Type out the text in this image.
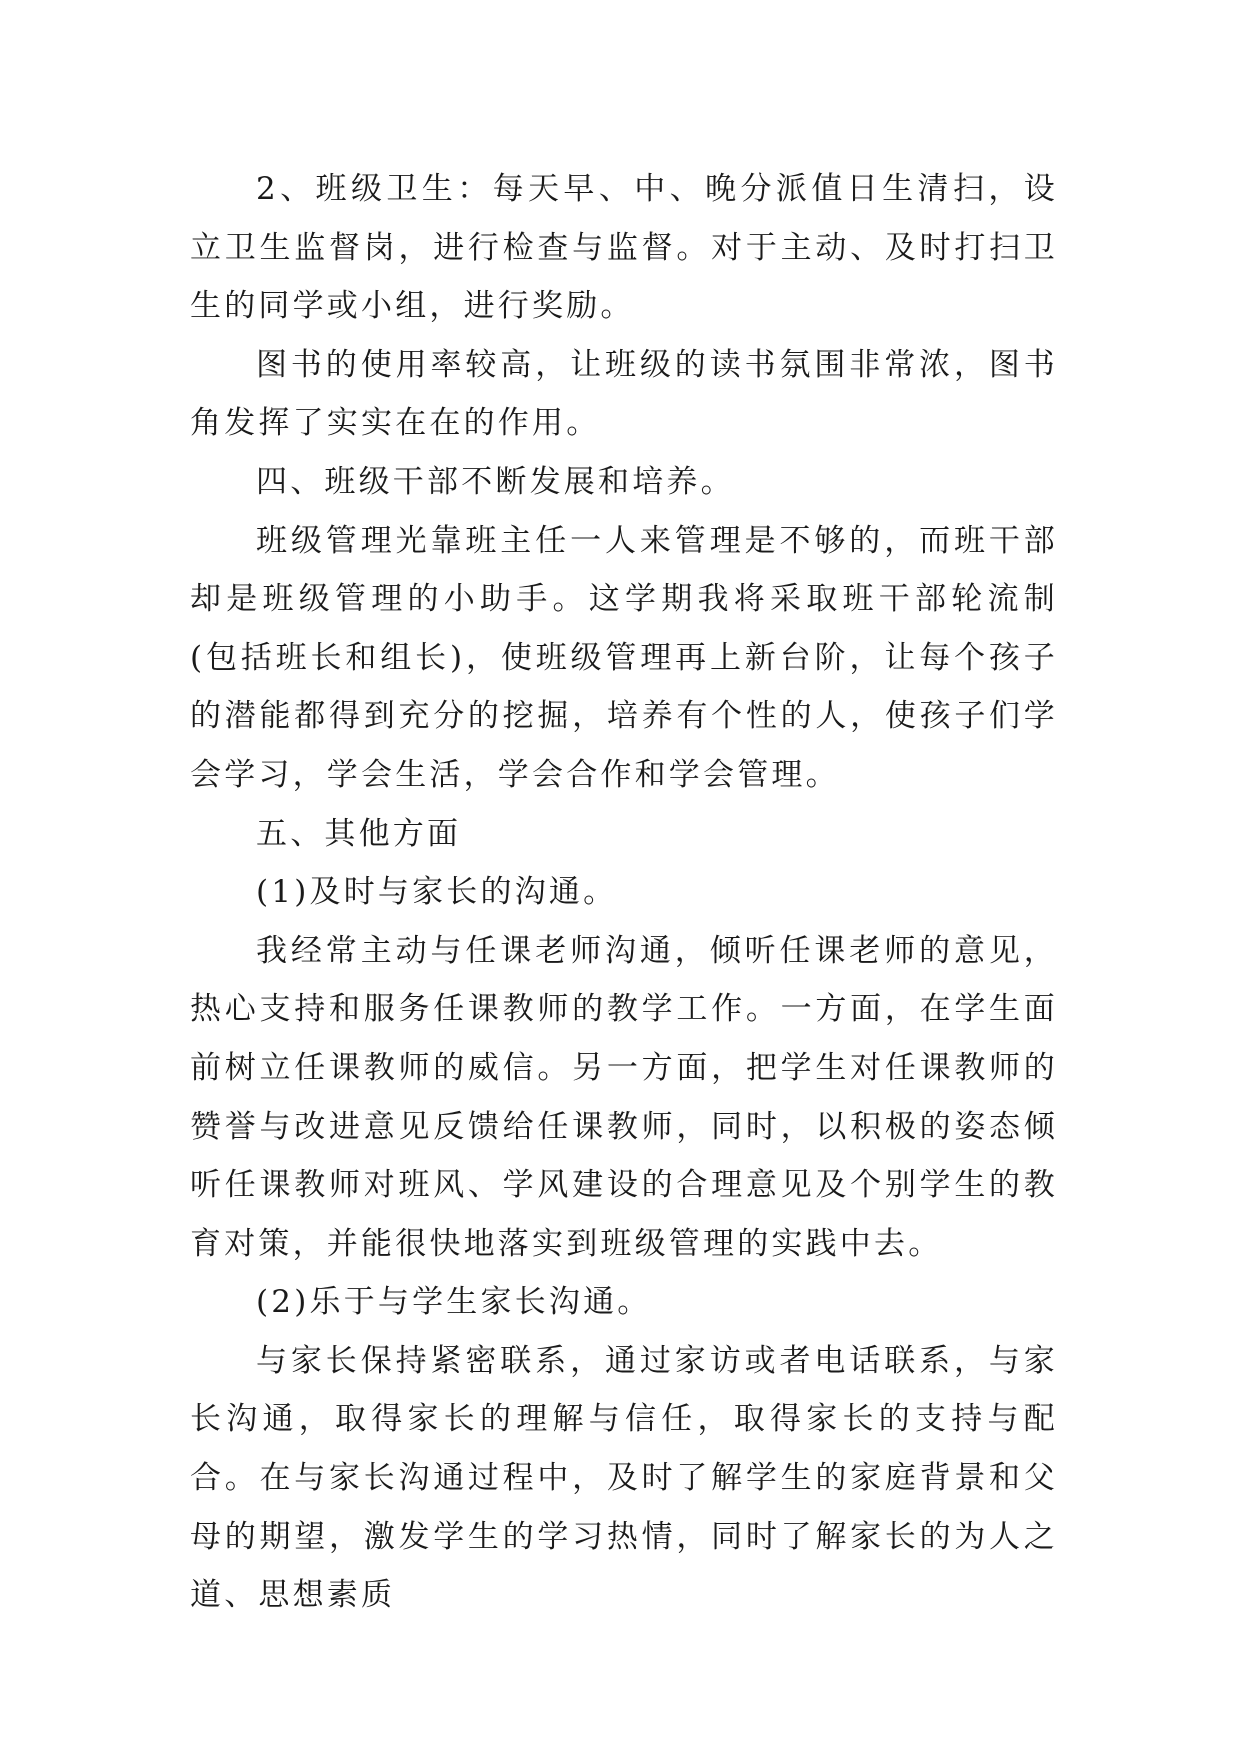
2、班级卫生：每天早、中、晚分派值日生清扫，设立卫生监督岗，进行检查与监督。对于主动、及时打扫卫生的同学或小组，进行奖励。

图书的使用率较高，让班级的读书氛围非常浓，图书角发挥了实实在在的作用。

四、班级干部不断发展和培养。

班级管理光靠班主任一人来管理是不够的，而班干部却是班级管理的小助手。这学期我将采取班干部轮流制(包括班长和组长)，使班级管理再上新台阶，让每个孩子的潜能都得到充分的挖掘，培养有个性的人，使孩子们学会学习，学会生活，学会合作和学会管理。

五、其他方面

(1)及时与家长的沟通。

我经常主动与任课老师沟通，倾听任课老师的意见，热心支持和服务任课教师的教学工作。一方面，在学生面前树立任课教师的威信。另一方面，把学生对任课教师的赞誉与改进意见反馈给任课教师，同时，以积极的姿态倾听任课教师对班风、学风建设的合理意见及个别学生的教育对策，并能很快地落实到班级管理的实践中去。

(2)乐于与学生家长沟通。

与家长保持紧密联系，通过家访或者电话联系，与家长沟通，取得家长的理解与信任，取得家长的支持与配合。在与家长沟通过程中，及时了解学生的家庭背景和父母的期望，激发学生的学习热情，同时了解家长的为人之道、思想素质
